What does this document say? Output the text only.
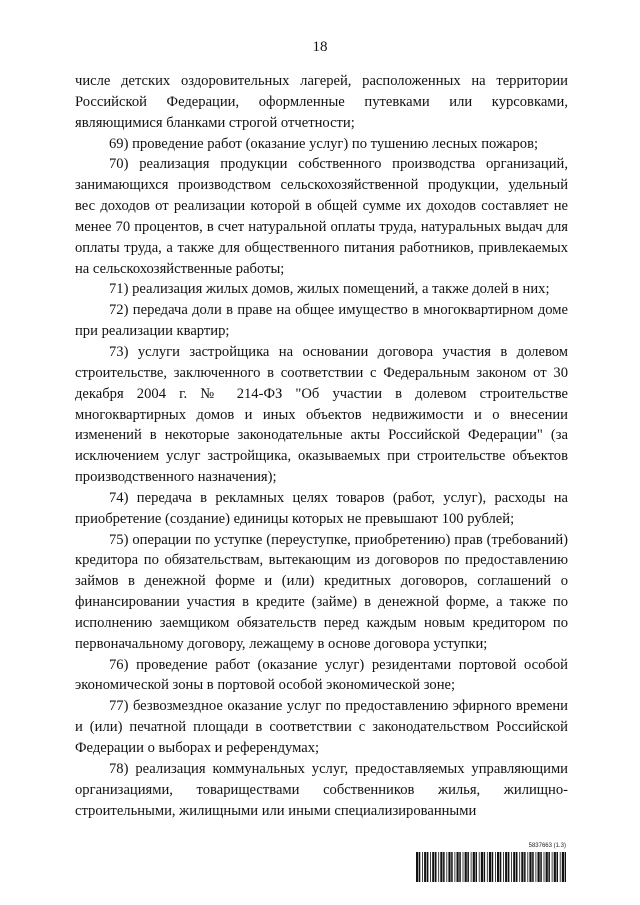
18

числе детских оздоровительных лагерей, расположенных на территории Российской Федерации, оформленные путевками или курсовками, являющимися бланками строгой отчетности;

69) проведение работ (оказание услуг) по тушению лесных пожаров;

70) реализация продукции собственного производства организаций, занимающихся производством сельскохозяйственной продукции, удельный вес доходов от реализации которой в общей сумме их доходов составляет не менее 70 процентов, в счет натуральной оплаты труда, натуральных выдач для оплаты труда, а также для общественного питания работников, привлекаемых на сельскохозяйственные работы;

71) реализация жилых домов, жилых помещений, а также долей в них;

72) передача доли в праве на общее имущество в многоквартирном доме при реализации квартир;

73) услуги застройщика на основании договора участия в долевом строительстве, заключенного в соответствии с Федеральным законом от 30 декабря 2004 г. № 214-ФЗ "Об участии в долевом строительстве многоквартирных домов и иных объектов недвижимости и о внесении изменений в некоторые законодательные акты Российской Федерации" (за исключением услуг застройщика, оказываемых при строительстве объектов производственного назначения);

74) передача в рекламных целях товаров (работ, услуг), расходы на приобретение (создание) единицы которых не превышают 100 рублей;

75) операции по уступке (переуступке, приобретению) прав (требований) кредитора по обязательствам, вытекающим из договоров по предоставлению займов в денежной форме и (или) кредитных договоров, соглашений о финансировании участия в кредите (займе) в денежной форме, а также по исполнению заемщиком обязательств перед каждым новым кредитором по первоначальному договору, лежащему в основе договора уступки;

76) проведение работ (оказание услуг) резидентами портовой особой экономической зоны в портовой особой экономической зоне;

77) безвозмездное оказание услуг по предоставлению эфирного времени и (или) печатной площади в соответствии с законодательством Российской Федерации о выборах и референдумах;

78) реализация коммунальных услуг, предоставляемых управляющими организациями, товариществами собственников жилья, жилищно-строительными, жилищными или иными специализированными

5837663 (1.3)
